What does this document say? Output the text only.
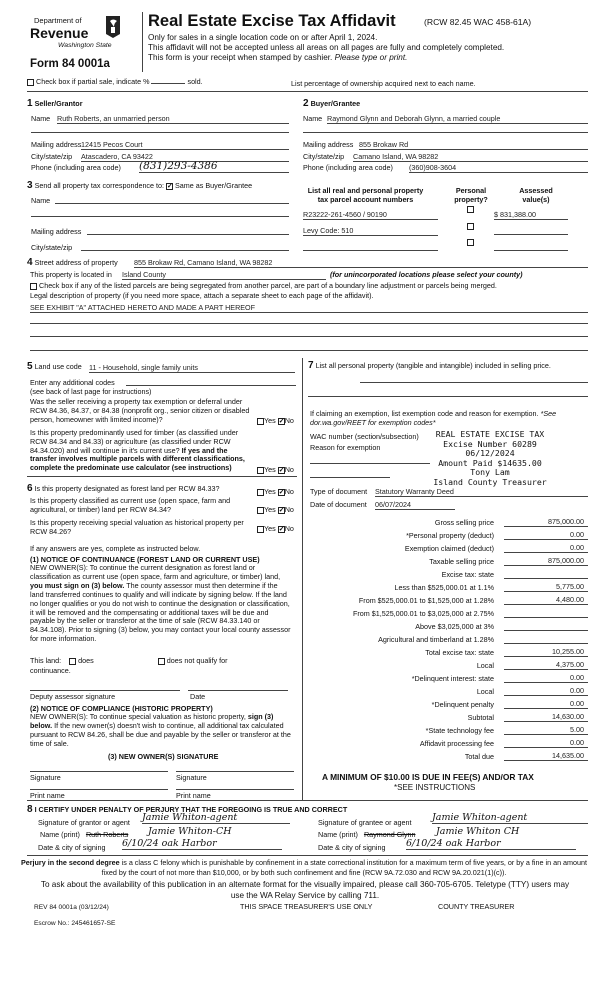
Department of
Revenue
Washington State
Form 84 0001a
Real Estate Excise Tax Affidavit	(RCW 82.45 WAC 458-61A)
Only for sales in a single location code on or after April 1, 2024.
This affidavit will not be accepted unless all areas on all pages are fully and completely completed.
This form is your receipt when stamped by cashier. Please type or print.
Check box if partial sale, indicate %	sold.	List percentage of ownership acquired next to each name.
1 Seller/Grantor
Name Ruth Roberts, an unmarried person
Mailing address 12415 Pecos Court
City/state/zip Atascadero, CA 93422
Phone (including area code) (831)293-4386
2 Buyer/Grantee
Name Raymond Glynn and Deborah Glynn, a married couple
Mailing address 855 Brokaw Rd
City/state/zip Camano Island, WA 98282
Phone (including area code) (360)908-3604
3 Send all property tax correspondence to: ✓ Same as Buyer/Grantee
Name
Mailing address
City/state/zip
List all real and personal property tax parcel account numbers
Personal property?
Assessed value(s)
R23222-261-4560 / 90190	$ 831,388.00
Levy Code: 510
4 Street address of property 855 Brokaw Rd, Camano Island, WA 98282
This property is located in Island County	(for unincorporated locations please select your county)
Check box if any of the listed parcels are being segregated from another parcel, are part of a boundary line adjustment or parcels being merged.
Legal description of property (if you need more space, attach a separate sheet to each page of the affidavit).
SEE EXHIBIT "A" ATTACHED HERETO AND MADE A PART HEREOF
5 Land use code 11 - Household, single family units
Enter any additional codes
(see back of last page for instructions)
Was the seller receiving a property tax exemption or deferral under RCW 84.36, 84.37, or 84.38 (nonprofit org., senior citizen or disabled person, homeowner with limited income)?	Yes ✓ No
Is this property predominantly used for timber (as classified under RCW 84.34 and 84.33) or agriculture (as classified under RCW 84.34.020) and will continue in it's current use? If yes and the transfer involves multiple parcels with different classifications, complete the predominate use calculator (see instructions)	Yes ✓ No
6 Is this property designated as forest land per RCW 84.33?	Yes ✓ No
Is this property classified as current use (open space, farm and agricultural, or timber) land per RCW 84.34?	Yes ✓ No
Is this property receiving special valuation as historical property per RCW 84.26?	Yes ✓ No
If any answers are yes, complete as instructed below.
(1) NOTICE OF CONTINUANCE (FOREST LAND OR CURRENT USE)
NEW OWNER(S): To continue the current designation as forest land or classification as current use (open space, farm and agriculture, or timber) land, you must sign on (3) below. The county assessor must then determine if the land transferred continues to qualify and will indicate by signing below. If the land no longer qualifies or you do not wish to continue the designation or classification, it will be removed and the compensating or additional taxes will be due and payable by the seller or transferor at the time of sale (RCW 84.33.140 or 84.34.108). Prior to signing (3) below, you may contact your local county assessor for more information.
This land: does	does not qualify for
continuance.
Deputy assessor signature	Date
(2) NOTICE OF COMPLIANCE (HISTORIC PROPERTY)
NEW OWNER(S): To continue special valuation as historic property, sign (3) below. If the new owner(s) doesn't wish to continue, all additional tax calculated pursuant to RCW 84.26, shall be due and payable by the seller or transferor at the time of sale.
(3) NEW OWNER(S) SIGNATURE
Signature	Signature
Print name	Print name
7 List all personal property (tangible and intangible) included in selling price.
If claiming an exemption, list exemption code and reason for exemption. *See dor.wa.gov/REET for exemption codes*
WAC number (section/subsection)
Reason for exemption
REAL ESTATE EXCISE TAX
Excise Number 60289
06/12/2024
Amount Paid $14635.00
Tony Lam
Island County Treasurer
Type of document Statutory Warranty Deed
Date of document 06/07/2024
Gross selling price	875,000.00
*Personal property (deduct)	0.00
Exemption claimed (deduct)	0.00
Taxable selling price	875,000.00
Excise tax: state
Less than $525,000.01 at 1.1%	5,775.00
From $525,000.01 to $1,525,000 at 1.28%	4,480.00
From $1,525,000.01 to $3,025,000 at 2.75%
Above $3,025,000 at 3%
Agricultural and timberland at 1.28%
Total excise tax: state	10,255.00
Local	4,375.00
*Delinquent interest: state	0.00
Local	0.00
*Delinquent penalty	0.00
Subtotal	14,630.00
*State technology fee	5.00
Affidavit processing fee	0.00
Total due	14,635.00
A MINIMUM OF $10.00 IS DUE IN FEE(S) AND/OR TAX
*SEE INSTRUCTIONS
8 I CERTIFY UNDER PENALTY OF PERJURY THAT THE FOREGOING IS TRUE AND CORRECT
Signature of grantor or agent Jamie Whiton-agent
Name (print) Ruth Roberts Jamie Whiton-CH
Date & city of signing 6/10/24 oak Harbor
Signature of grantee or agent Jamie Whiton-agent
Name (print) Raymond Glynn Jamie Whiton CH
Date & city of signing 6/10/24 oak Harbor
Perjury in the second degree is a class C felony which is punishable by confinement in a state correctional institution for a maximum term of five years, or by a fine in an amount fixed by the court of not more than $10,000, or by both such confinement and fine (RCW 9A.72.030 and RCW 9A.20.021(1)(c)).
To ask about the availability of this publication in an alternate format for the visually impaired, please call 360-705-6705. Teletype (TTY) users may use the WA Relay Service by calling 711.
REV 84 0001a (03/12/24)	THIS SPACE TREASURER'S USE ONLY	COUNTY TREASURER
Escrow No.: 245461657-SE
